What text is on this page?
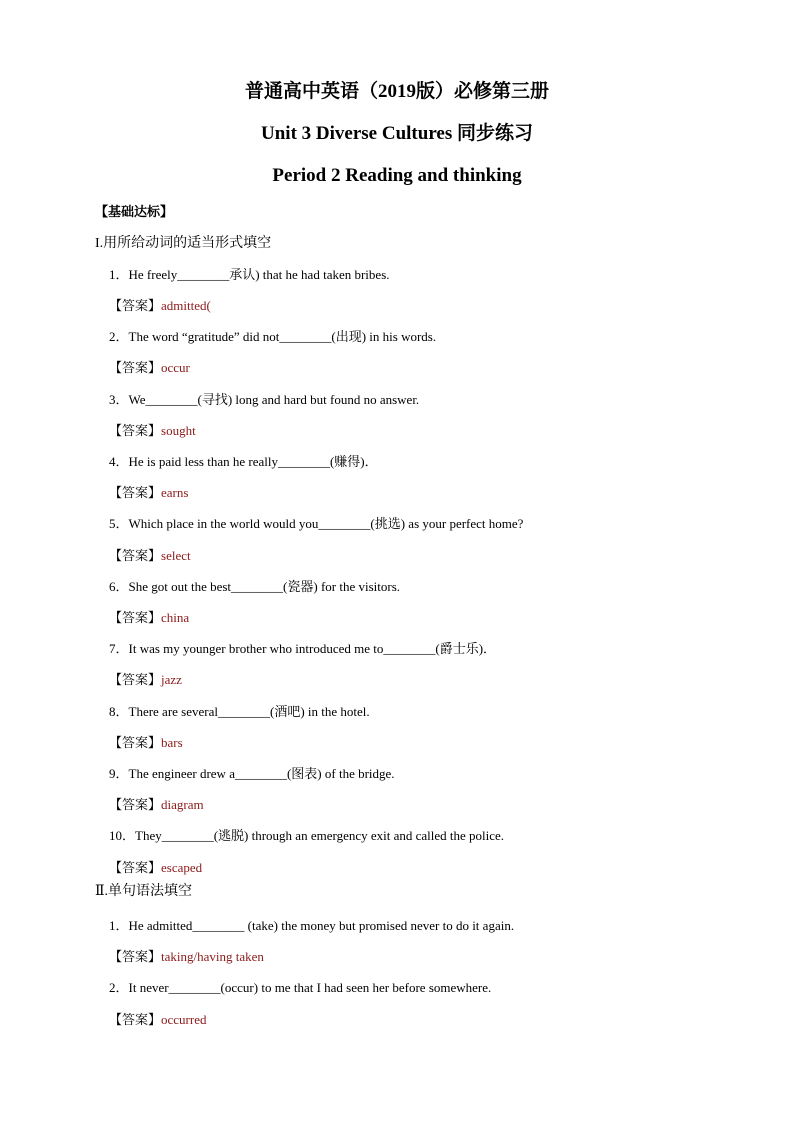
普通高中英语（2019版）必修第三册
Unit 3 Diverse Cultures 同步练习
Period 2 Reading and thinking
【基础达标】
I.用所给动词的适当形式填空
1．He freely________承认) that he had taken bribes.
【答案】admitted(
2．The word “gratitude” did not________(出现) in his words.
【答案】occur
3．We________(寻找) long and hard but found no answer.
【答案】sought
4．He is paid less than he really________(赚得)．
【答案】earns
5．Which place in the world would you________(挑选) as your perfect home?
【答案】select
6．She got out the best________(瓷器) for the visitors.
【答案】china
7．It was my younger brother who introduced me to________(爵士乐)．
【答案】jazz
8．There are several________(酒吧) in the hotel.
【答案】bars
9．The engineer drew a________(图表) of the bridge.
【答案】diagram
10．They________(逃脱) through an emergency exit and called the police.
【答案】escaped
Ⅱ.单句语法填空
1．He admitted________ (take) the money but promised never to do it again.
【答案】taking/having taken
2．It never________(occur) to me that I had seen her before somewhere.
【答案】occurred
